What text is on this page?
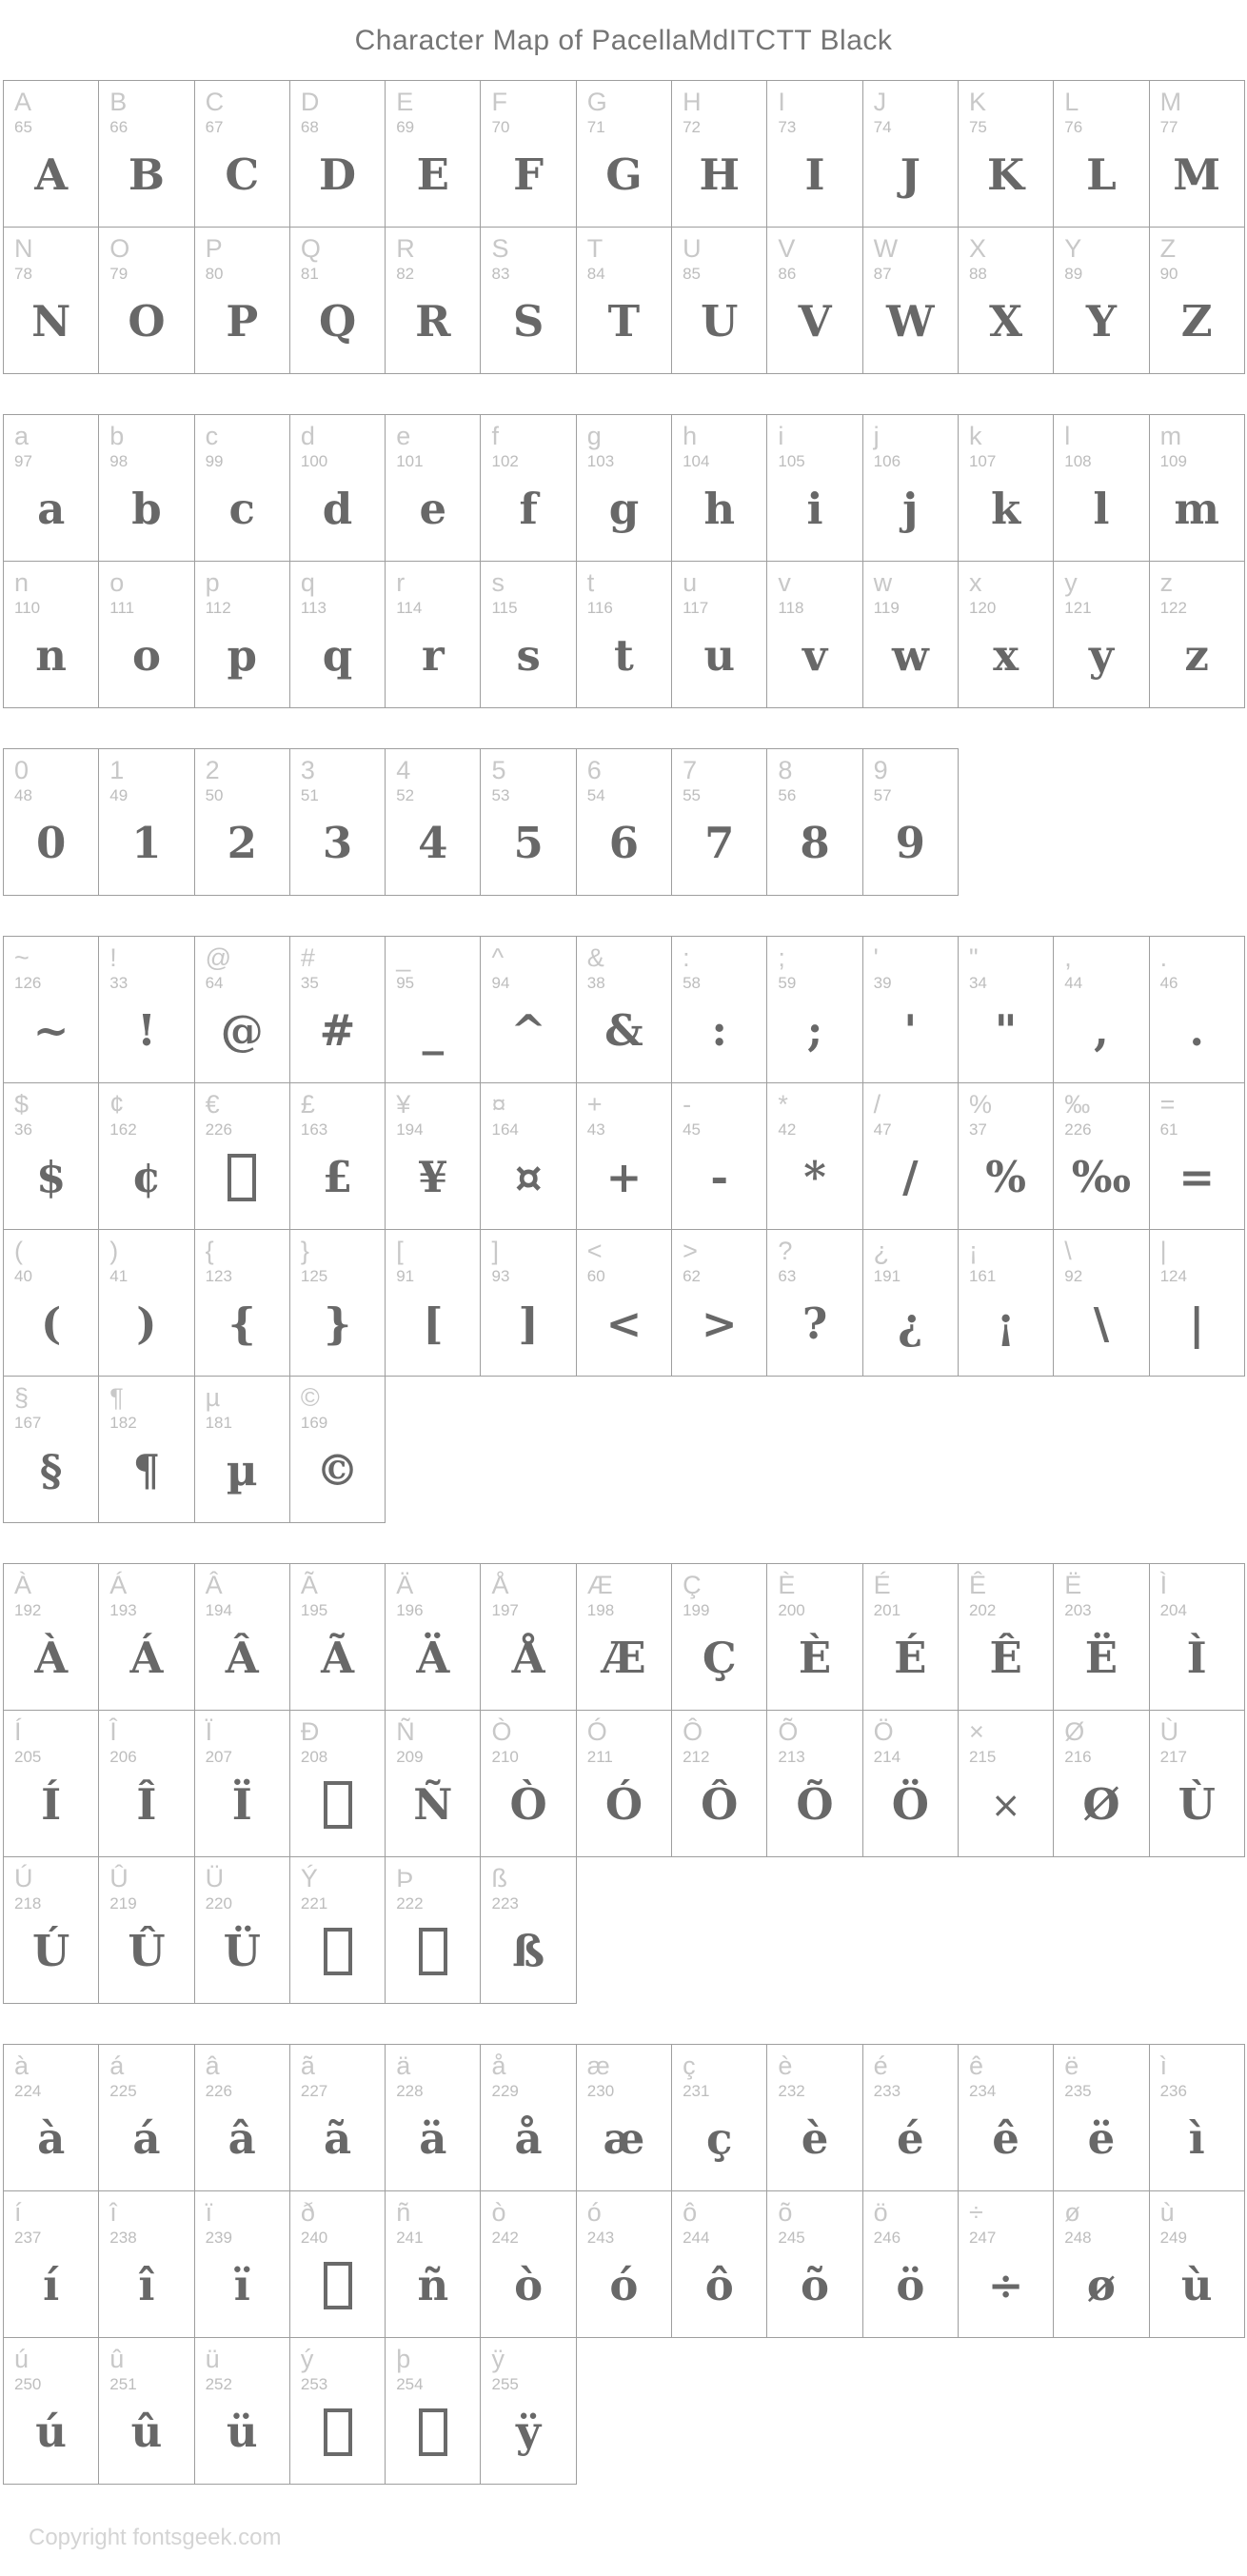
Character Map of PacellaMdITCTT Black
A
65
A
B
66
B
C
67
C
D
68
D
E
69
E
F
70
F
G
71
G
H
72
H
I
73
I
J
74
J
K
75
K
L
76
L
M
77
M
N
78
N
O
79
O
P
80
P
Q
81
Q
R
82
R
S
83
S
T
84
T
U
85
U
V
86
V
W
87
W
X
88
X
Y
89
Y
Z
90
Z
a
97
a
b
98
b
c
99
c
d
100
d
e
101
e
f
102
f
g
103
g
h
104
h
i
105
i
j
106
j
k
107
k
l
108
l
m
109
m
n
110
n
o
111
o
p
112
p
q
113
q
r
114
r
s
115
s
t
116
t
u
117
u
v
118
v
w
119
w
x
120
x
y
121
y
z
122
z
0
48
0
1
49
1
2
50
2
3
51
3
4
52
4
5
53
5
6
54
6
7
55
7
8
56
8
9
57
9
~
126
~
!
33
!
@
64
@
#
35
#
_
95
_
^
94
^
&
38
&
:
58
:
;
59
;
'
39
'
"
34
"
,
44
,
.
46
.
$
36
$
¢
162
¢
€
226
£
163
£
¥
194
¥
¤
164
¤
+
43
+
-
45
-
*
42
*
/
47
/
%
37
%
‰
226
‰
=
61
=
(
40
(
)
41
)
{
123
{
}
125
}
[
91
[
]
93
]
<
60
<
>
62
>
?
63
?
¿
191
¿
¡
161
¡
\
92
\
|
124
|
§
167
§
¶
182
¶
µ
181
µ
©
169
©
À
192
À
Á
193
Á
Â
194
Â
Ã
195
Ã
Ä
196
Ä
Å
197
Å
Æ
198
Æ
Ç
199
Ç
È
200
È
É
201
É
Ê
202
Ê
Ë
203
Ë
Ì
204
Ì
Í
205
Í
Î
206
Î
Ï
207
Ï
Ð
208
Ñ
209
Ñ
Ò
210
Ò
Ó
211
Ó
Ô
212
Ô
Õ
213
Õ
Ö
214
Ö
×
215
×
Ø
216
Ø
Ù
217
Ù
Ú
218
Ú
Û
219
Û
Ü
220
Ü
Ý
221
Þ
222
ß
223
ß
à
224
à
á
225
á
â
226
â
ã
227
ã
ä
228
ä
å
229
å
æ
230
æ
ç
231
ç
è
232
è
é
233
é
ê
234
ê
ë
235
ë
ì
236
ì
í
237
í
î
238
î
ï
239
ï
ð
240
ñ
241
ñ
ò
242
ò
ó
243
ó
ô
244
ô
õ
245
õ
ö
246
ö
÷
247
÷
ø
248
ø
ù
249
ù
ú
250
ú
û
251
û
ü
252
ü
ý
253
þ
254
ÿ
255
ÿ
Copyright fontsgeek.com
